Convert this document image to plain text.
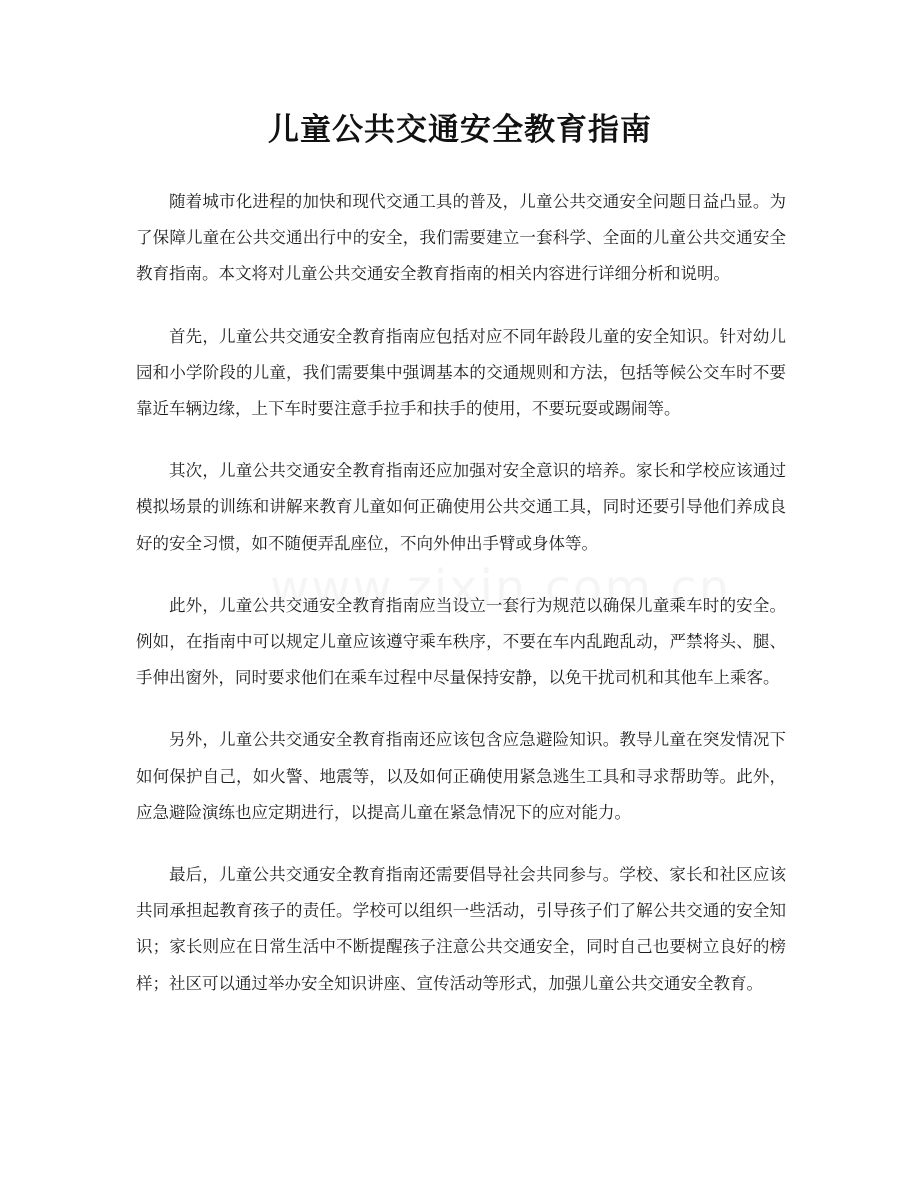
儿童公共交通安全教育指南

随着城市化进程的加快和现代交通工具的普及，儿童公共交通安全问题日益凸显。为了保障儿童在公共交通出行中的安全，我们需要建立一套科学、全面的儿童公共交通安全教育指南。本文将对儿童公共交通安全教育指南的相关内容进行详细分析和说明。

首先，儿童公共交通安全教育指南应包括对应不同年龄段儿童的安全知识。针对幼儿园和小学阶段的儿童，我们需要集中强调基本的交通规则和方法，包括等候公交车时不要靠近车辆边缘，上下车时要注意手拉手和扶手的使用，不要玩耍或踢闹等。

其次，儿童公共交通安全教育指南还应加强对安全意识的培养。家长和学校应该通过模拟场景的训练和讲解来教育儿童如何正确使用公共交通工具，同时还要引导他们养成良好的安全习惯，如不随便弄乱座位，不向外伸出手臂或身体等。

此外，儿童公共交通安全教育指南应当设立一套行为规范以确保儿童乘车时的安全。例如，在指南中可以规定儿童应该遵守乘车秩序，不要在车内乱跑乱动，严禁将头、腿、手伸出窗外，同时要求他们在乘车过程中尽量保持安静，以免干扰司机和其他车上乘客。

另外，儿童公共交通安全教育指南还应该包含应急避险知识。教导儿童在突发情况下如何保护自己，如火警、地震等，以及如何正确使用紧急逃生工具和寻求帮助等。此外，应急避险演练也应定期进行，以提高儿童在紧急情况下的应对能力。

最后，儿童公共交通安全教育指南还需要倡导社会共同参与。学校、家长和社区应该共同承担起教育孩子的责任。学校可以组织一些活动，引导孩子们了解公共交通的安全知识；家长则应在日常生活中不断提醒孩子注意公共交通安全，同时自己也要树立良好的榜样；社区可以通过举办安全知识讲座、宣传活动等形式，加强儿童公共交通安全教育。
